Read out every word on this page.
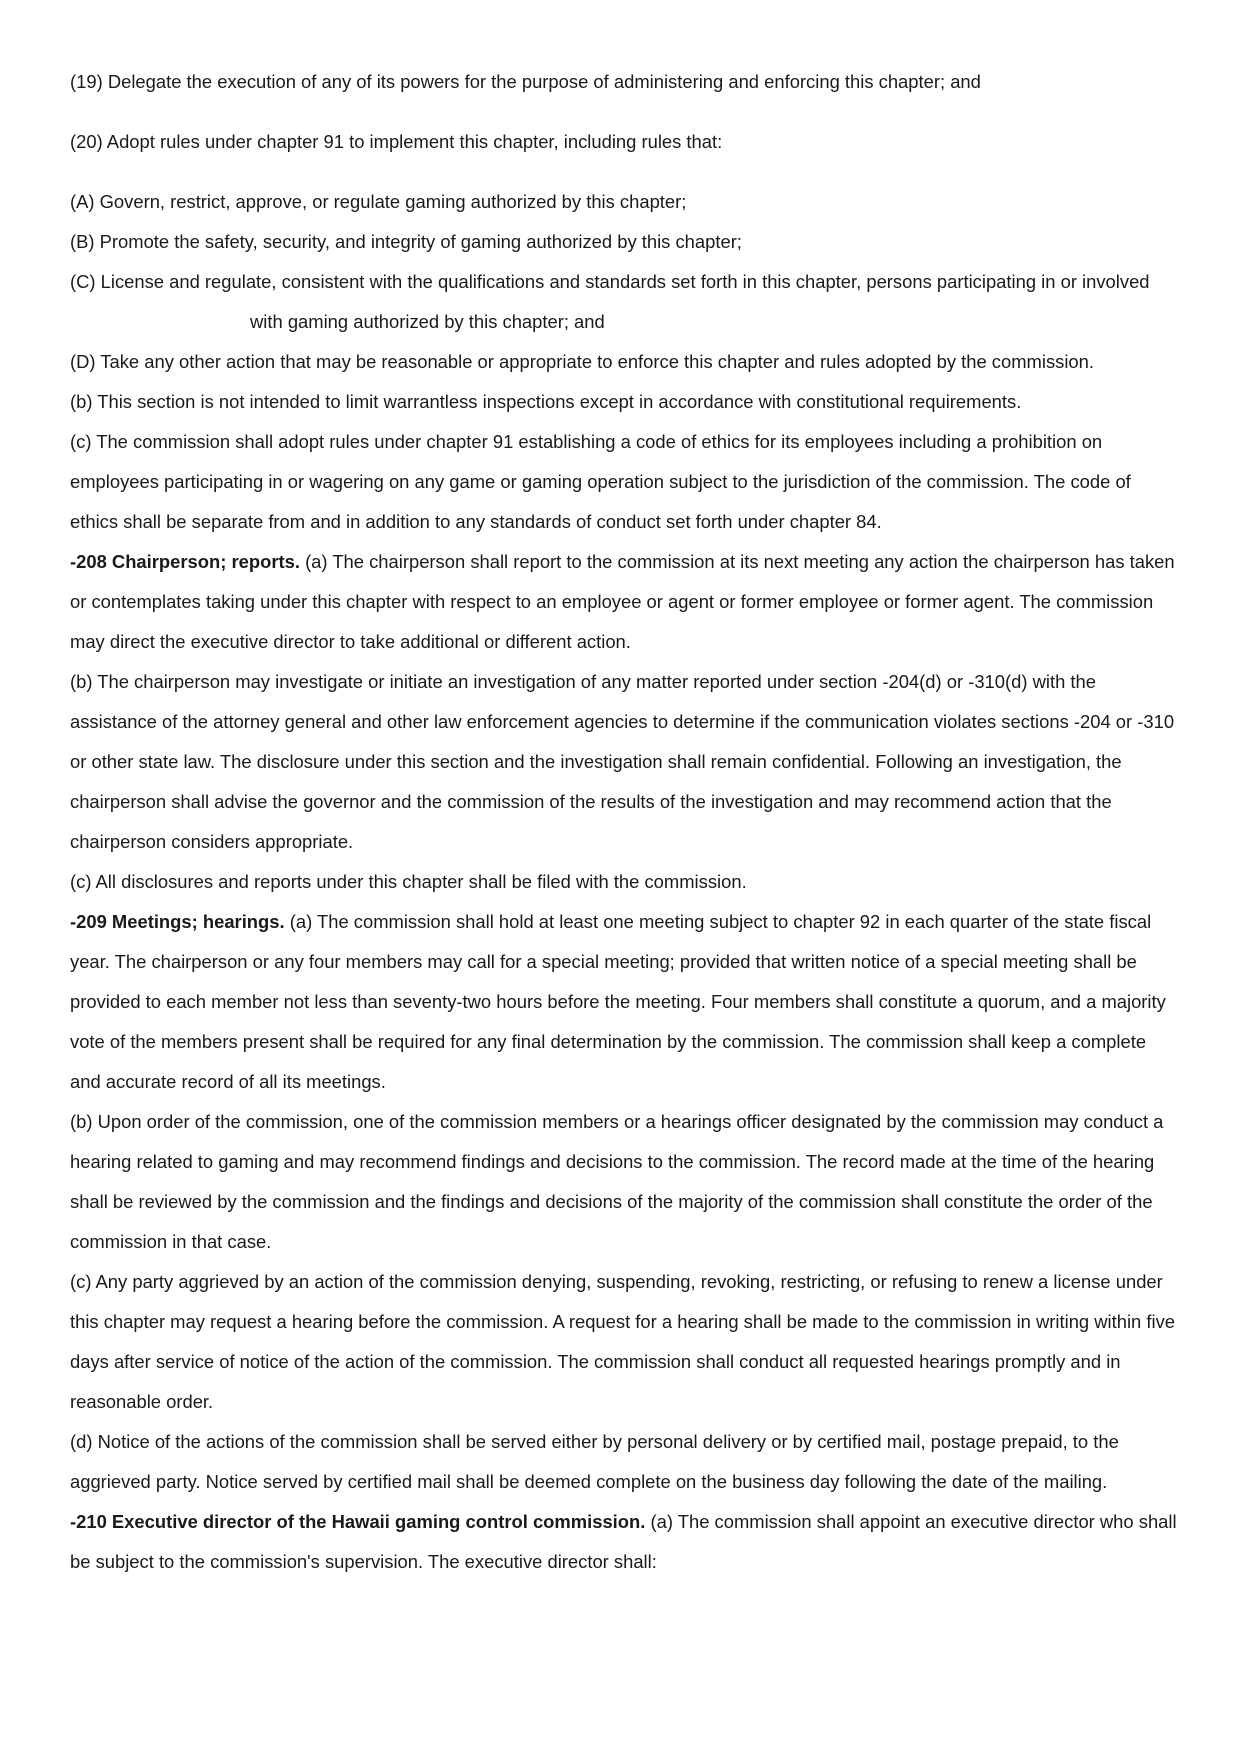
(19) Delegate the execution of any of its powers for the purpose of administering and enforcing this chapter; and

(20) Adopt rules under chapter 91 to implement this chapter, including rules that:

(A) Govern, restrict, approve, or regulate gaming authorized by this chapter;

(B) Promote the safety, security, and integrity of gaming authorized by this chapter;

(C) License and regulate, consistent with the qualifications and standards set forth in this chapter, persons participating in or involved with gaming authorized by this chapter; and

(D) Take any other action that may be reasonable or appropriate to enforce this chapter and rules adopted by the commission.

(b) This section is not intended to limit warrantless inspections except in accordance with constitutional requirements.

(c) The commission shall adopt rules under chapter 91 establishing a code of ethics for its employees including a prohibition on employees participating in or wagering on any game or gaming operation subject to the jurisdiction of the commission. The code of ethics shall be separate from and in addition to any standards of conduct set forth under chapter 84.

-208 Chairperson; reports. (a) The chairperson shall report to the commission at its next meeting any action the chairperson has taken or contemplates taking under this chapter with respect to an employee or agent or former employee or former agent. The commission may direct the executive director to take additional or different action.

(b) The chairperson may investigate or initiate an investigation of any matter reported under section -204(d) or -310(d) with the assistance of the attorney general and other law enforcement agencies to determine if the communication violates sections -204 or -310 or other state law. The disclosure under this section and the investigation shall remain confidential. Following an investigation, the chairperson shall advise the governor and the commission of the results of the investigation and may recommend action that the chairperson considers appropriate.

(c) All disclosures and reports under this chapter shall be filed with the commission.

-209 Meetings; hearings. (a) The commission shall hold at least one meeting subject to chapter 92 in each quarter of the state fiscal year. The chairperson or any four members may call for a special meeting; provided that written notice of a special meeting shall be provided to each member not less than seventy-two hours before the meeting. Four members shall constitute a quorum, and a majority vote of the members present shall be required for any final determination by the commission. The commission shall keep a complete and accurate record of all its meetings.

(b) Upon order of the commission, one of the commission members or a hearings officer designated by the commission may conduct a hearing related to gaming and may recommend findings and decisions to the commission. The record made at the time of the hearing shall be reviewed by the commission and the findings and decisions of the majority of the commission shall constitute the order of the commission in that case.

(c) Any party aggrieved by an action of the commission denying, suspending, revoking, restricting, or refusing to renew a license under this chapter may request a hearing before the commission. A request for a hearing shall be made to the commission in writing within five days after service of notice of the action of the commission. The commission shall conduct all requested hearings promptly and in reasonable order.

(d) Notice of the actions of the commission shall be served either by personal delivery or by certified mail, postage prepaid, to the aggrieved party. Notice served by certified mail shall be deemed complete on the business day following the date of the mailing.

-210 Executive director of the Hawaii gaming control commission. (a) The commission shall appoint an executive director who shall be subject to the commission's supervision. The executive director shall:
